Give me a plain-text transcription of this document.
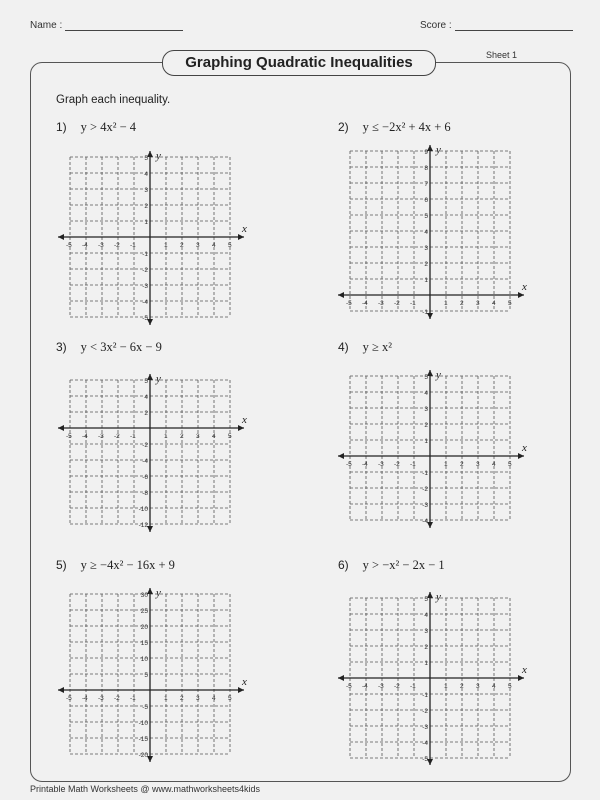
Name :	Score :
Sheet 1
Graphing Quadratic Inequalities
Graph each inequality.
1) y > 4x² − 4
x
y
-5 -4 -3 -2 -1	1 2 3 4 5
5
4
3
2
1
-1
-2
-3
-4
-5
2) y ≤ −2x² + 4x + 6
x
y
-5 -4 -3 -2 -1	1 2 3 4 5
9
8
7
6
5
4
3
2
1
-1
3) y < 3x² − 6x − 9
x
y
-5 -4 -3 -2 -1	1 2 3 4 5
5
4
2
-2
-4
-6
-8
-10
-12
4) y ≥ x²
x
y
-5 -4 -3 -2 -1	1 2 3 4 5
5
4
3
2
1
-1
-2
-3
-4
5) y ≥ −4x² − 16x + 9
x
y
-5 -4 -3 -2 -1	1 2 3 4 5
30
25
20
15
10
5
-5
-10
-15
-20
6) y > −x² − 2x − 1
x
y
-5 -4 -3 -2 -1	1 2 3 4 5
5
4
3
2
1
-1
-2
-3
-4
-5
Printable Math Worksheets @ www.mathworksheets4kids
